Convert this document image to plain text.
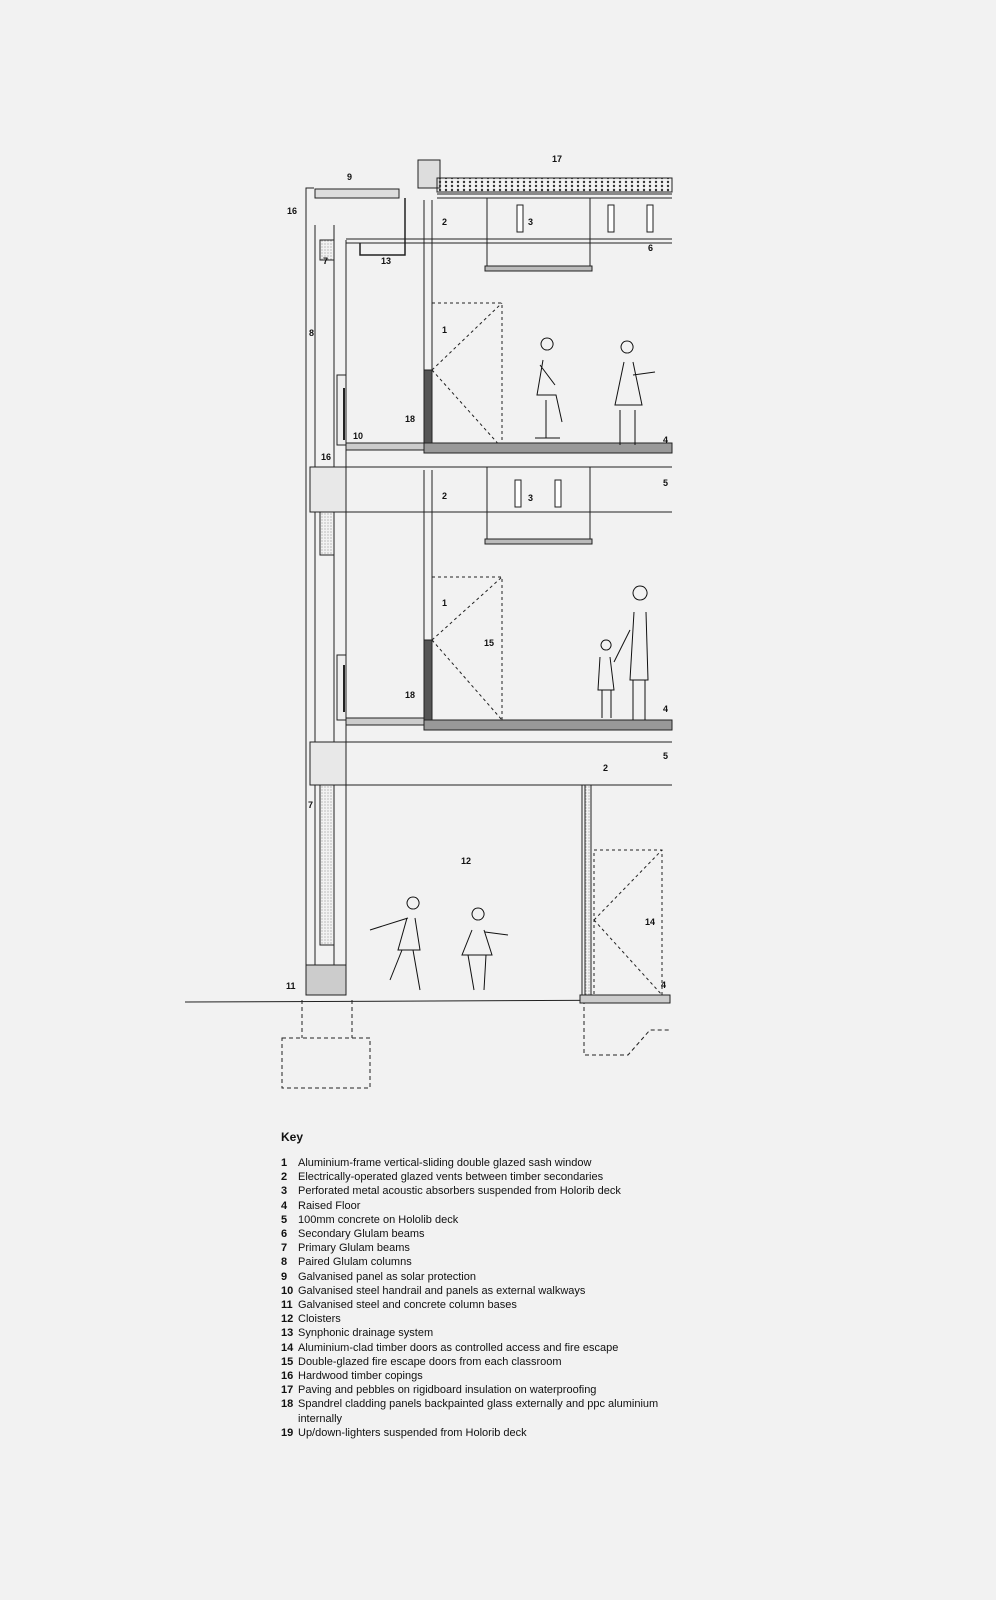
17
9
16
2	3
6
7	13
8	1
18
10	4
16
5
2	3
1
15
18
4
5
2
7
12
14
11	4
Key
1 Aluminium-frame vertical-sliding double glazed sash window
2 Electrically-operated glazed vents between timber secondaries
3 Perforated metal acoustic absorbers suspended from Holorib deck
4 Raised Floor
5 100mm concrete on Hololib deck
6 Secondary Glulam beams
7 Primary Glulam beams
8 Paired Glulam columns
9 Galvanised panel as solar protection
10 Galvanised steel handrail and panels as external walkways
11 Galvanised steel and concrete column bases
12 Cloisters
13 Synphonic drainage system
14 Aluminium-clad timber doors as controlled access and fire escape
15 Double-glazed fire escape doors from each classroom
16 Hardwood timber copings
17 Paving and pebbles on rigidboard insulation on waterproofing
18 Spandrel cladding panels backpainted glass externally and ppc aluminium internally
19 Up/down-lighters suspended from Holorib deck
